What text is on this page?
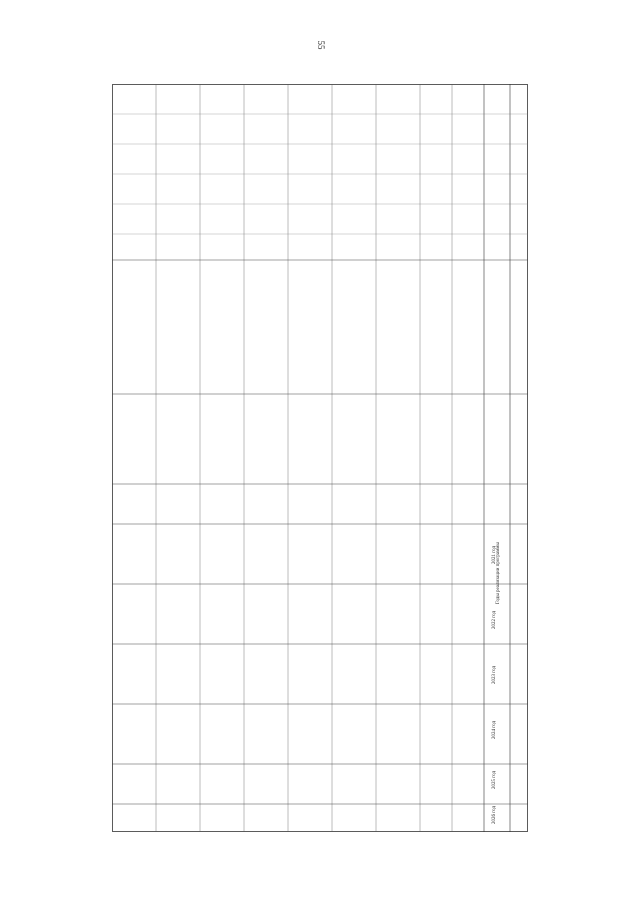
55
Годы реализации программы
2021 год
2022 год
2023 год
2024 год
2025 год
2026 год
